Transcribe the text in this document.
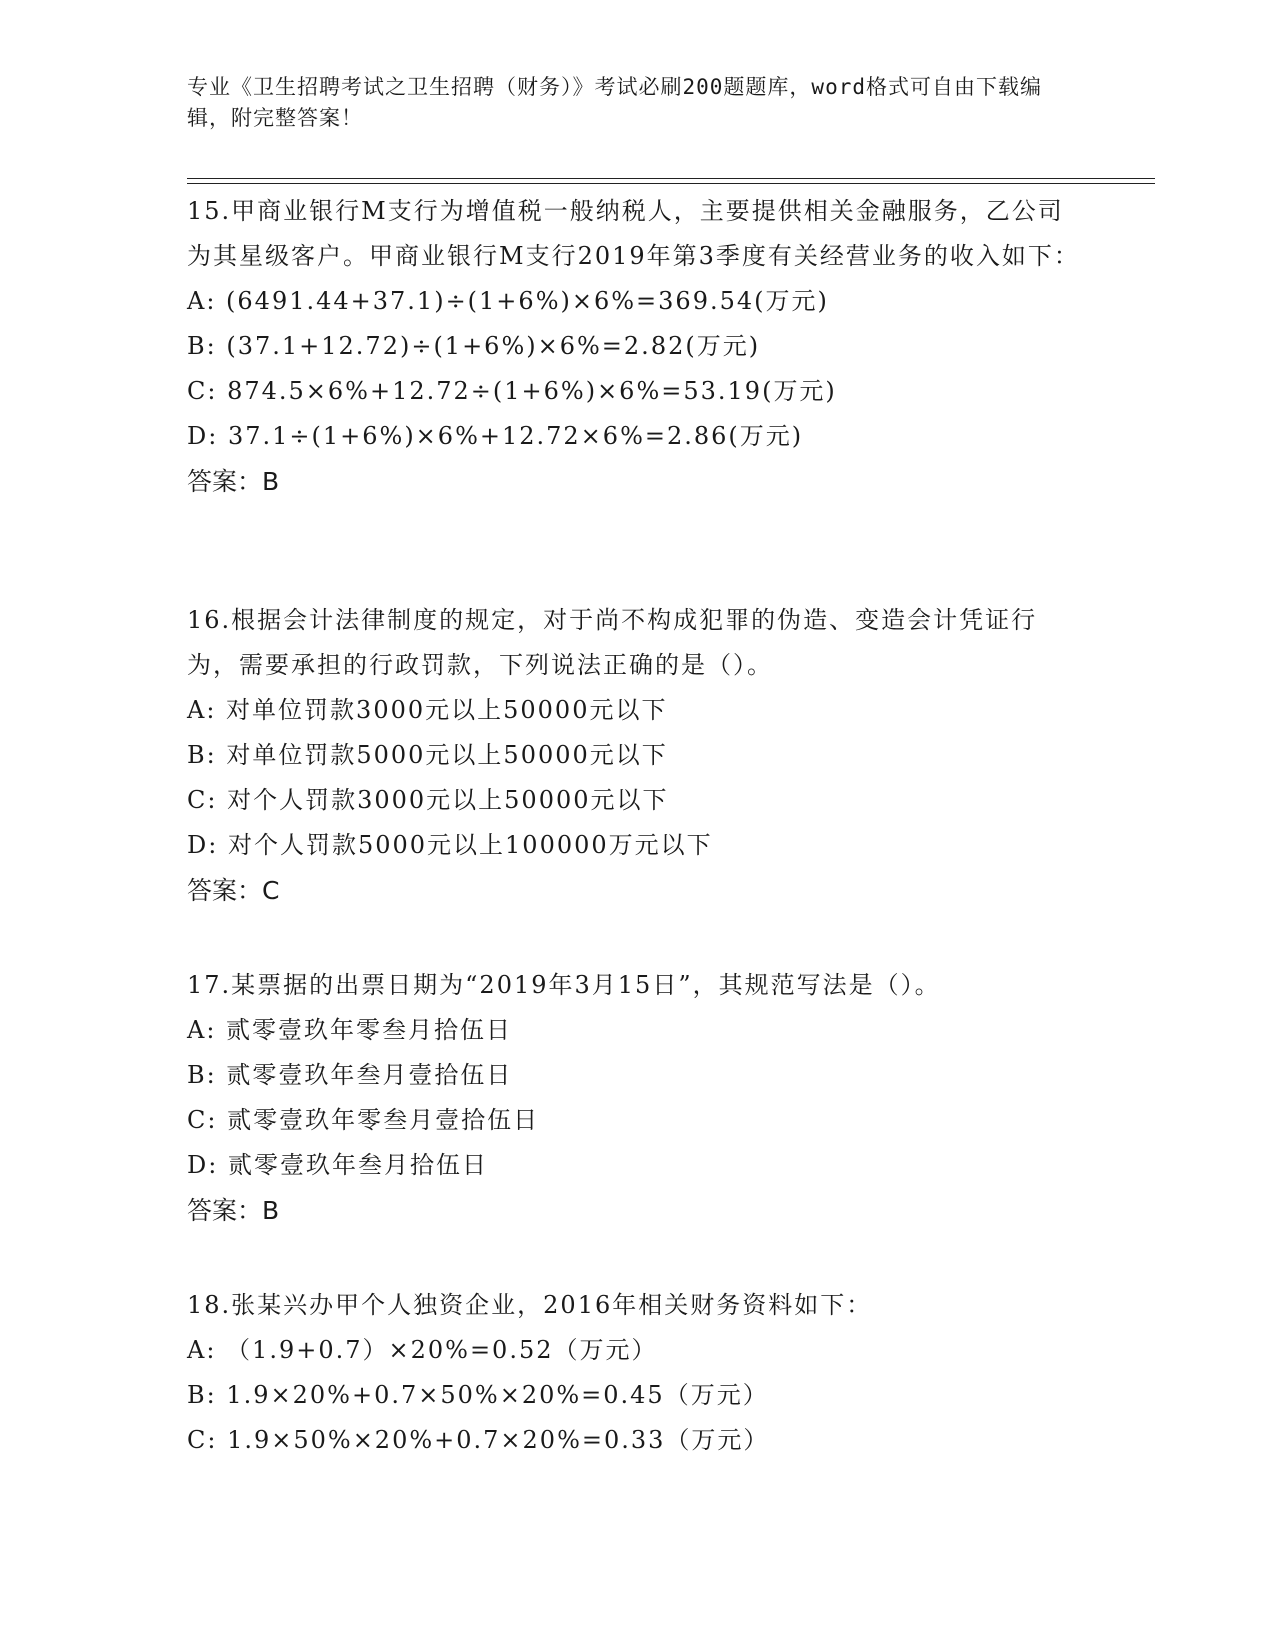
专业《卫生招聘考试之卫生招聘（财务）》考试必刷200题题库，word格式可自由下载编辑，附完整答案！
15.甲商业银行M支行为增值税一般纳税人，主要提供相关金融服务，乙公司为其星级客户。甲商业银行M支行2019年第3季度有关经营业务的收入如下：
A: (6491.44+37.1)÷(1+6%)×6%=369.54(万元)
B: (37.1+12.72)÷(1+6%)×6%=2.82(万元)
C: 874.5×6%+12.72÷(1+6%)×6%=53.19(万元)
D: 37.1÷(1+6%)×6%+12.72×6%=2.86(万元)
答案：B
16.根据会计法律制度的规定，对于尚不构成犯罪的伪造、变造会计凭证行为，需要承担的行政罚款，下列说法正确的是（）。
A: 对单位罚款3000元以上50000元以下
B: 对单位罚款5000元以上50000元以下
C: 对个人罚款3000元以上50000元以下
D: 对个人罚款5000元以上100000万元以下
答案：C
17.某票据的出票日期为“2019年3月15日”，其规范写法是（）。
A: 贰零壹玖年零叁月拾伍日
B: 贰零壹玖年叁月壹拾伍日
C: 贰零壹玖年零叁月壹拾伍日
D: 贰零壹玖年叁月拾伍日
答案：B
18.张某兴办甲个人独资企业，2016年相关财务资料如下：
A: （1.9+0.7）×20%=0.52（万元）
B: 1.9×20%+0.7×50%×20%=0.45（万元）
C: 1.9×50%×20%+0.7×20%=0.33（万元）
